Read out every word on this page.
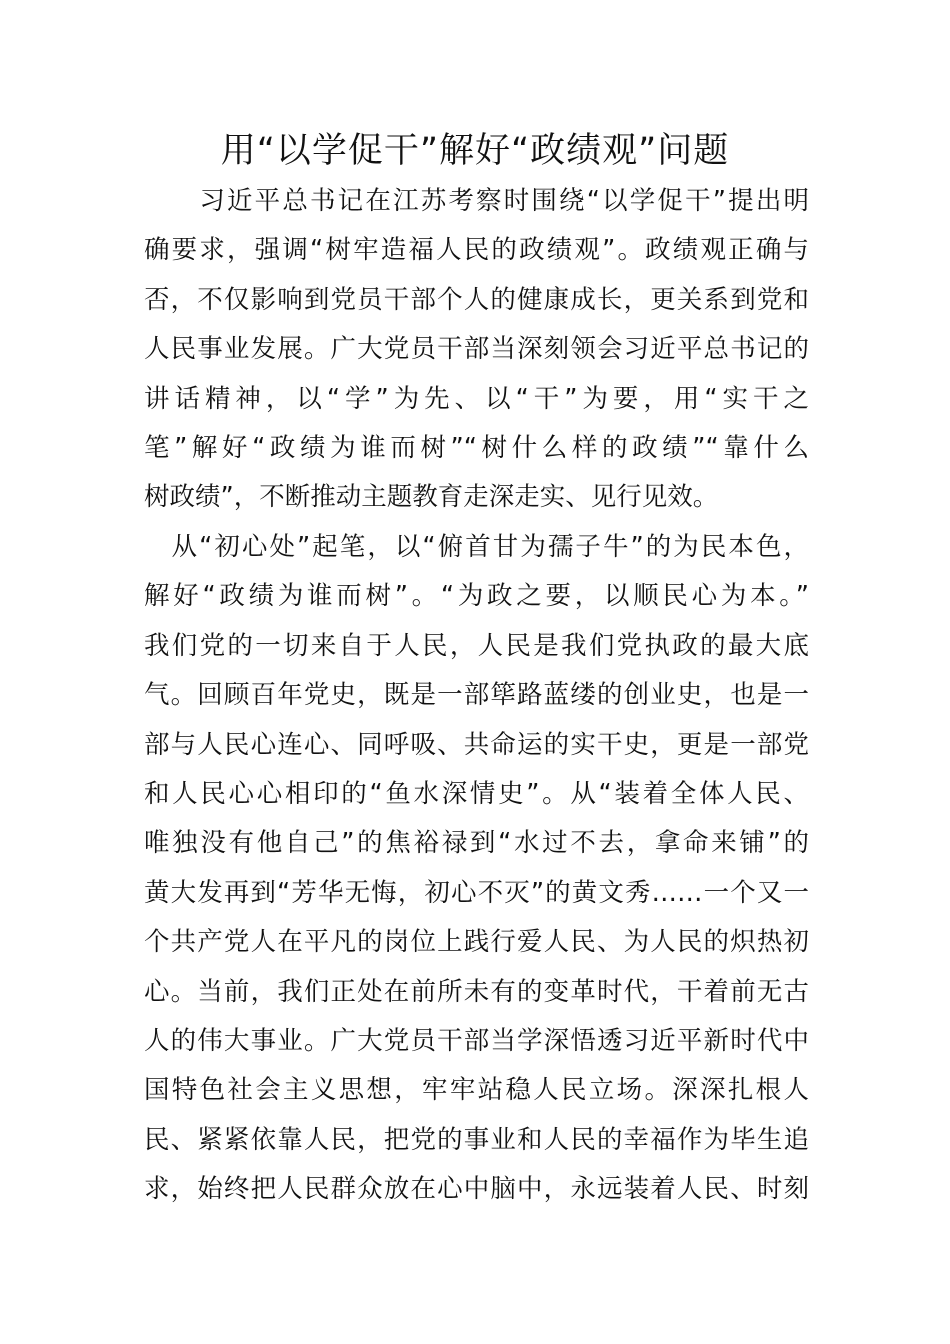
用“以学促干”解好“政绩观”问题
　　习近平总书记在江苏考察时围绕“以学促干”提出明
确要求，强调“树牢造福人民的政绩观”。政绩观正确与
否，不仅影响到党员干部个人的健康成长，更关系到党和
人民事业发展。广大党员干部当深刻领会习近平总书记的
讲话精神，以“学”为先、以“干”为要，用“实干之
笔”解好“政绩为谁而树”“树什么样的政绩”“靠什么
树政绩”，不断推动主题教育走深走实、见行见效。
　从“初心处”起笔，以“俯首甘为孺子牛”的为民本色，
解好“政绩为谁而树”。“为政之要，以顺民心为本。”
我们党的一切来自于人民，人民是我们党执政的最大底
气。回顾百年党史，既是一部筚路蓝缕的创业史，也是一
部与人民心连心、同呼吸、共命运的实干史，更是一部党
和人民心心相印的“鱼水深情史”。从“装着全体人民、
唯独没有他自己”的焦裕禄到“水过不去，拿命来铺”的
黄大发再到“芳华无悔，初心不灭”的黄文秀……一个又一
个共产党人在平凡的岗位上践行爱人民、为人民的炽热初
心。当前，我们正处在前所未有的变革时代，干着前无古
人的伟大事业。广大党员干部当学深悟透习近平新时代中
国特色社会主义思想，牢牢站稳人民立场。深深扎根人
民、紧紧依靠人民，把党的事业和人民的幸福作为毕生追
求，始终把人民群众放在心中脑中，永远装着人民、时刻
